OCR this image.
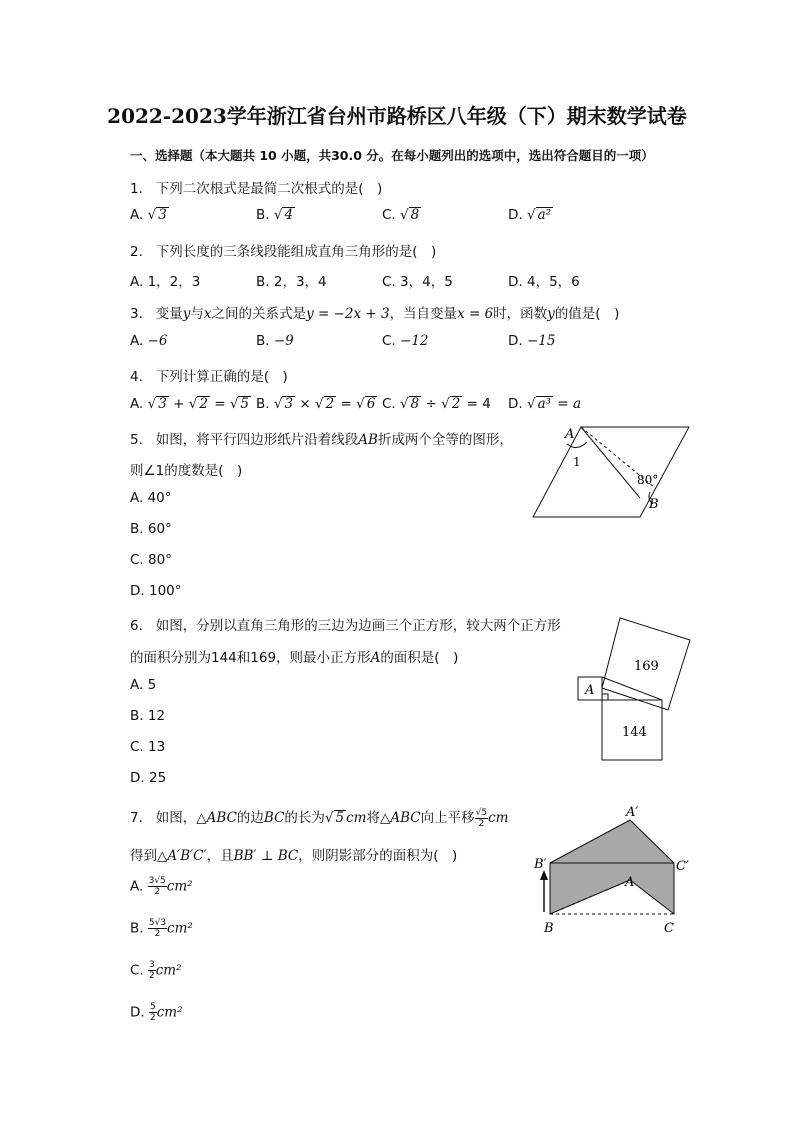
2022-2023学年浙江省台州市路桥区八年级（下）期末数学试卷
一、选择题（本大题共 10 小题，共30.0 分。在每小题列出的选项中，选出符合题目的一项）
1. 下列二次根式是最简二次根式的是(　)
A. √ 3	B. √ 4	C. √ 8	D. √ a²
2. 下列长度的三条线段能组成直角三角形的是(　)
A. 1，2，3	B. 2，3，4	C. 3，4，5	D. 4，5，6
3. 变量y与x之间的关系式是y = −2x + 3，当自变量x = 6时，函数y的值是(　)
A. −6	B. −9	C. −12	D. −15
4. 下列计算正确的是(　)
A. √ 3 + √ 2 = √ 5 B. √ 3 × √ 2 = √ 6 C. √ 8 ÷ √ 2 = 4 D. √ a³ = a
5. 如图，将平行四边形纸片沿着线段AB折成两个全等的图形，
则∠1的度数是(　)
A. 40°
B. 60°
C. 80°
D. 100°
A
1
80°
B
6. 如图，分别以直角三角形的三边为边画三个正方形，较大两个正方形
的面积分别为144和169，则最小正方形A的面积是(　)
A. 5
B. 12
C. 13
D. 25
169
144
A
7. 如图，△ABC的边BC的长为√ 5 cm将△ABC向上平移 $\frac{√5}{2}$ cm
得到△A′B′C′，且BB′ ⊥ BC，则阴影部分的面积为(　)
A. $\frac{3√5}{2} cm^2$
B. $\frac{5√3}{2} cm^2$
C. $\frac{3}{2} cm^2$
D. $\frac{5}{2} cm^2$
A′
B′	C′
A
B	C
